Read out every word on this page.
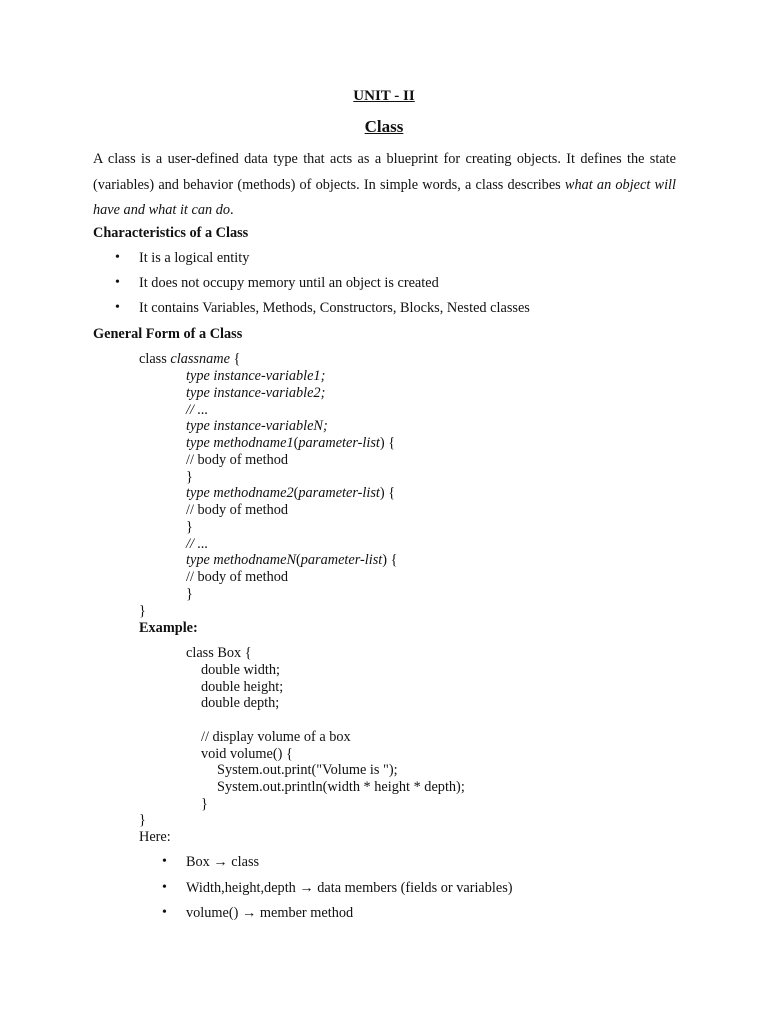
UNIT - II
Class
A class is a user-defined data type that acts as a blueprint for creating objects. It defines the state (variables) and behavior (methods) of objects. In simple words, a class describes what an object will have and what it can do.
Characteristics of a Class
• It is a logical entity
• It does not occupy memory until an object is created
• It contains Variables, Methods, Constructors, Blocks, Nested classes
General Form of a Class
class classname {
type instance-variable1;
type instance-variable2;
// ...
type instance-variableN;
type methodname1(parameter-list) {
// body of method
}
type methodname2(parameter-list) {
// body of method
}
// ...
type methodnameN(parameter-list) {
// body of method
}
}
Example:
class Box {
double width;
double height;
double depth;
// display volume of a box
void volume() {
System.out.print("Volume is ");
System.out.println(width * height * depth);
}
}
Here:
• Box → class
• Width,height,depth → data members (fields or variables)
• volume() → member method
